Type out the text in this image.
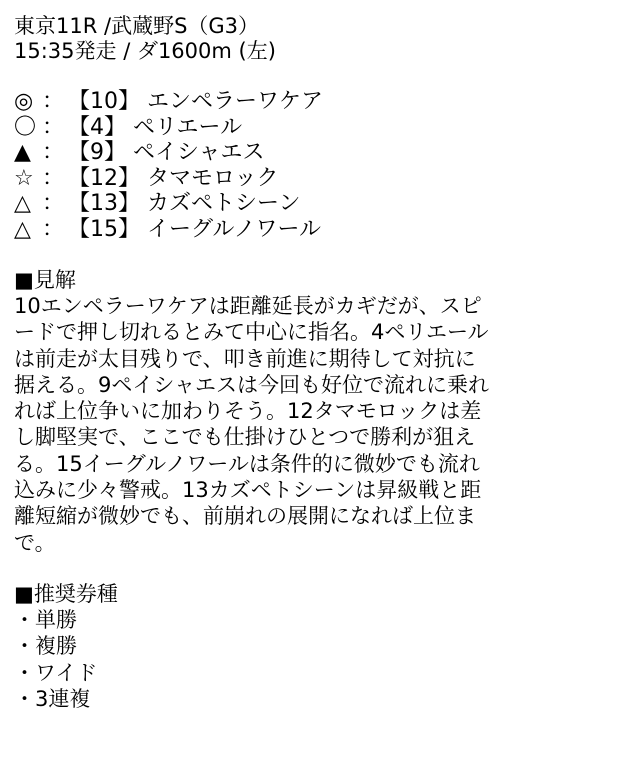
東京11R /武蔵野S（G3）
15:35発走 / ダ1600m (左)
◎ ： 【10】 エンペラーワケア
〇 ： 【4】 ペリエール
▲ ： 【9】 ペイシャエス
☆ ： 【12】 タマモロック
△ ： 【13】 カズペトシーン
△ ： 【15】 イーグルノワール
■見解
10エンペラーワケアは距離延長がカギだが、スピ
ードで押し切れるとみて中心に指名。4ペリエール
は前走が太目残りで、叩き前進に期待して対抗に
据える。9ペイシャエスは今回も好位で流れに乗れ
れば上位争いに加わりそう。12タマモロックは差
し脚堅実で、ここでも仕掛けひとつで勝利が狙え
る。15イーグルノワールは条件的に微妙でも流れ
込みに少々警戒。13カズペトシーンは昇級戦と距
離短縮が微妙でも、前崩れの展開になれば上位ま
で。
■推奨券種
・単勝
・複勝
・ワイド
・3連複
